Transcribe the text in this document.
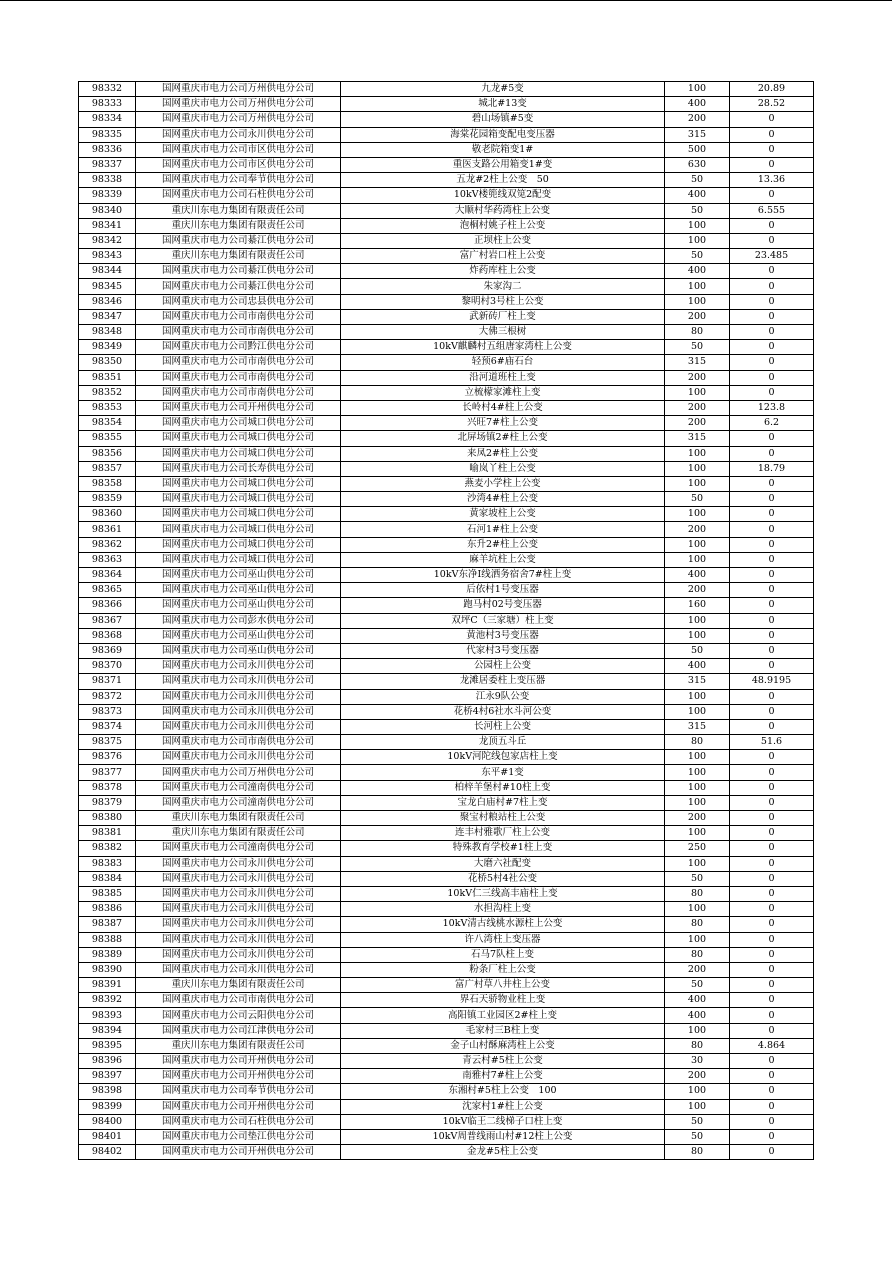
98332	国网重庆市电力公司万州供电分公司	九龙#5变	100	20.89
98333	国网重庆市电力公司万州供电分公司	城北#13变	400	28.52
98334	国网重庆市电力公司万州供电分公司	碧山场镇#5变	200	0
98335	国网重庆市电力公司永川供电分公司	海棠花园箱变配电变压器	315	0
98336	国网重庆市电力公司市区供电分公司	敬老院箱变1#	500	0
98337	国网重庆市电力公司市区供电分公司	重医支路公用箱变1#变	630	0
98338	国网重庆市电力公司奉节供电分公司	五龙#2柱上公变　50	50	13.36
98339	国网重庆市电力公司石柱供电分公司	10kV楼篼线双笕2配变	400	0
98340	重庆川东电力集团有限责任公司	大顺村华药湾柱上公变	50	6.555
98341	重庆川东电力集团有限责任公司	泡桐村姚子柱上公变	100	0
98342	国网重庆市电力公司綦江供电分公司	正坝柱上公变	100	0
98343	重庆川东电力集团有限责任公司	富广村岩口柱上公变	50	23.485
98344	国网重庆市电力公司綦江供电分公司	炸药库柱上公变	400	0
98345	国网重庆市电力公司綦江供电分公司	朱家沟二	100	0
98346	国网重庆市电力公司忠县供电分公司	黎明村3号柱上公变	100	0
98347	国网重庆市电力公司市南供电分公司	武新砖厂柱上变	200	0
98348	国网重庆市电力公司市南供电分公司	大佛三根树	80	0
98349	国网重庆市电力公司黔江供电分公司	10kV麒麟村五组唐家湾柱上公变	50	0
98350	国网重庆市电力公司市南供电分公司	轻预6#庙石台	315	0
98351	国网重庆市电力公司市南供电分公司	沿河道班柱上变	200	0
98352	国网重庆市电力公司市南供电分公司	立梳檬家滩柱上变	100	0
98353	国网重庆市电力公司开州供电分公司	长岭村4#柱上公变	200	123.8
98354	国网重庆市电力公司城口供电分公司	兴旺7#柱上公变	200	6.2
98355	国网重庆市电力公司城口供电分公司	北屏场镇2#柱上公变	315	0
98356	国网重庆市电力公司城口供电分公司	来凤2#柱上公变	100	0
98357	国网重庆市电力公司长寿供电分公司	喻岚丫柱上公变	100	18.79
98358	国网重庆市电力公司城口供电分公司	燕麦小学柱上公变	100	0
98359	国网重庆市电力公司城口供电分公司	沙湾4#柱上公变	50	0
98360	国网重庆市电力公司城口供电分公司	黄家坡柱上公变	100	0
98361	国网重庆市电力公司城口供电分公司	石河1#柱上公变	200	0
98362	国网重庆市电力公司城口供电分公司	东升2#柱上公变	100	0
98363	国网重庆市电力公司城口供电分公司	麻羊坑柱上公变	100	0
98364	国网重庆市电力公司巫山供电分公司	10kV东净I线洒务宿舍7#柱上变	400	0
98365	国网重庆市电力公司巫山供电分公司	后依村1号变压器	200	0
98366	国网重庆市电力公司巫山供电分公司	跑马村02号变压器	160	0
98367	国网重庆市电力公司彭水供电分公司	双坪C（三家塘）柱上变	100	0
98368	国网重庆市电力公司巫山供电分公司	黄池村3号变压器	100	0
98369	国网重庆市电力公司巫山供电分公司	代家村3号变压器	50	0
98370	国网重庆市电力公司永川供电分公司	公园柱上公变	400	0
98371	国网重庆市电力公司永川供电分公司	龙滩居委柱上变压器	315	48.9195
98372	国网重庆市电力公司永川供电分公司	江永9队公变	100	0
98373	国网重庆市电力公司永川供电分公司	花桥4村6社水斗河公变	100	0
98374	国网重庆市电力公司永川供电分公司	长河柱上公变	315	0
98375	国网重庆市电力公司市南供电分公司	龙顶五斗丘	80	51.6
98376	国网重庆市电力公司永川供电分公司	10kV河陀线包家店柱上变	100	0
98377	国网重庆市电力公司万州供电分公司	东平#1变	100	0
98378	国网重庆市电力公司潼南供电分公司	柏梓羊堡村#10柱上变	100	0
98379	国网重庆市电力公司潼南供电分公司	宝龙白庙村#7柱上变	100	0
98380	重庆川东电力集团有限责任公司	聚宝村粮站柱上公变	200	0
98381	重庆川东电力集团有限责任公司	连丰村雅歌厂柱上公变	100	0
98382	国网重庆市电力公司潼南供电分公司	特殊教育学校#1柱上变	250	0
98383	国网重庆市电力公司永川供电分公司	大磨六社配变	100	0
98384	国网重庆市电力公司永川供电分公司	花桥5村4社公变	50	0
98385	国网重庆市电力公司永川供电分公司	10kV仁三线高丰庙柱上变	80	0
98386	国网重庆市电力公司永川供电分公司	水担沟柱上变	100	0
98387	国网重庆市电力公司永川供电分公司	10kV清古线桃水源柱上公变	80	0
98388	国网重庆市电力公司永川供电分公司	许八湾柱上变压器	100	0
98389	国网重庆市电力公司永川供电分公司	石马7队柱上变	80	0
98390	国网重庆市电力公司永川供电分公司	粉条厂柱上公变	200	0
98391	重庆川东电力集团有限责任公司	富广村草八井柱上公变	50	0
98392	国网重庆市电力公司市南供电分公司	界石天骄物业柱上变	400	0
98393	国网重庆市电力公司云阳供电分公司	高阳镇工业园区2#柱上变	400	0
98394	国网重庆市电力公司江津供电分公司	毛家村三B柱上变	100	0
98395	重庆川东电力集团有限责任公司	金子山村酥麻湾柱上公变	80	4.864
98396	国网重庆市电力公司开州供电分公司	青云村#5柱上公变	30	0
98397	国网重庆市电力公司开州供电分公司	南雅村7#柱上公变	200	0
98398	国网重庆市电力公司奉节供电分公司	东湘村#5柱上公变　100	100	0
98399	国网重庆市电力公司开州供电分公司	沈家村1#柱上公变	100	0
98400	国网重庆市电力公司石柱供电分公司	10kV临王二线梯子口柱上变	50	0
98401	国网重庆市电力公司垫江供电分公司	10kV周普线雨山村#12柱上公变	50	0
98402	国网重庆市电力公司开州供电分公司	金龙#5柱上公变	80	0
